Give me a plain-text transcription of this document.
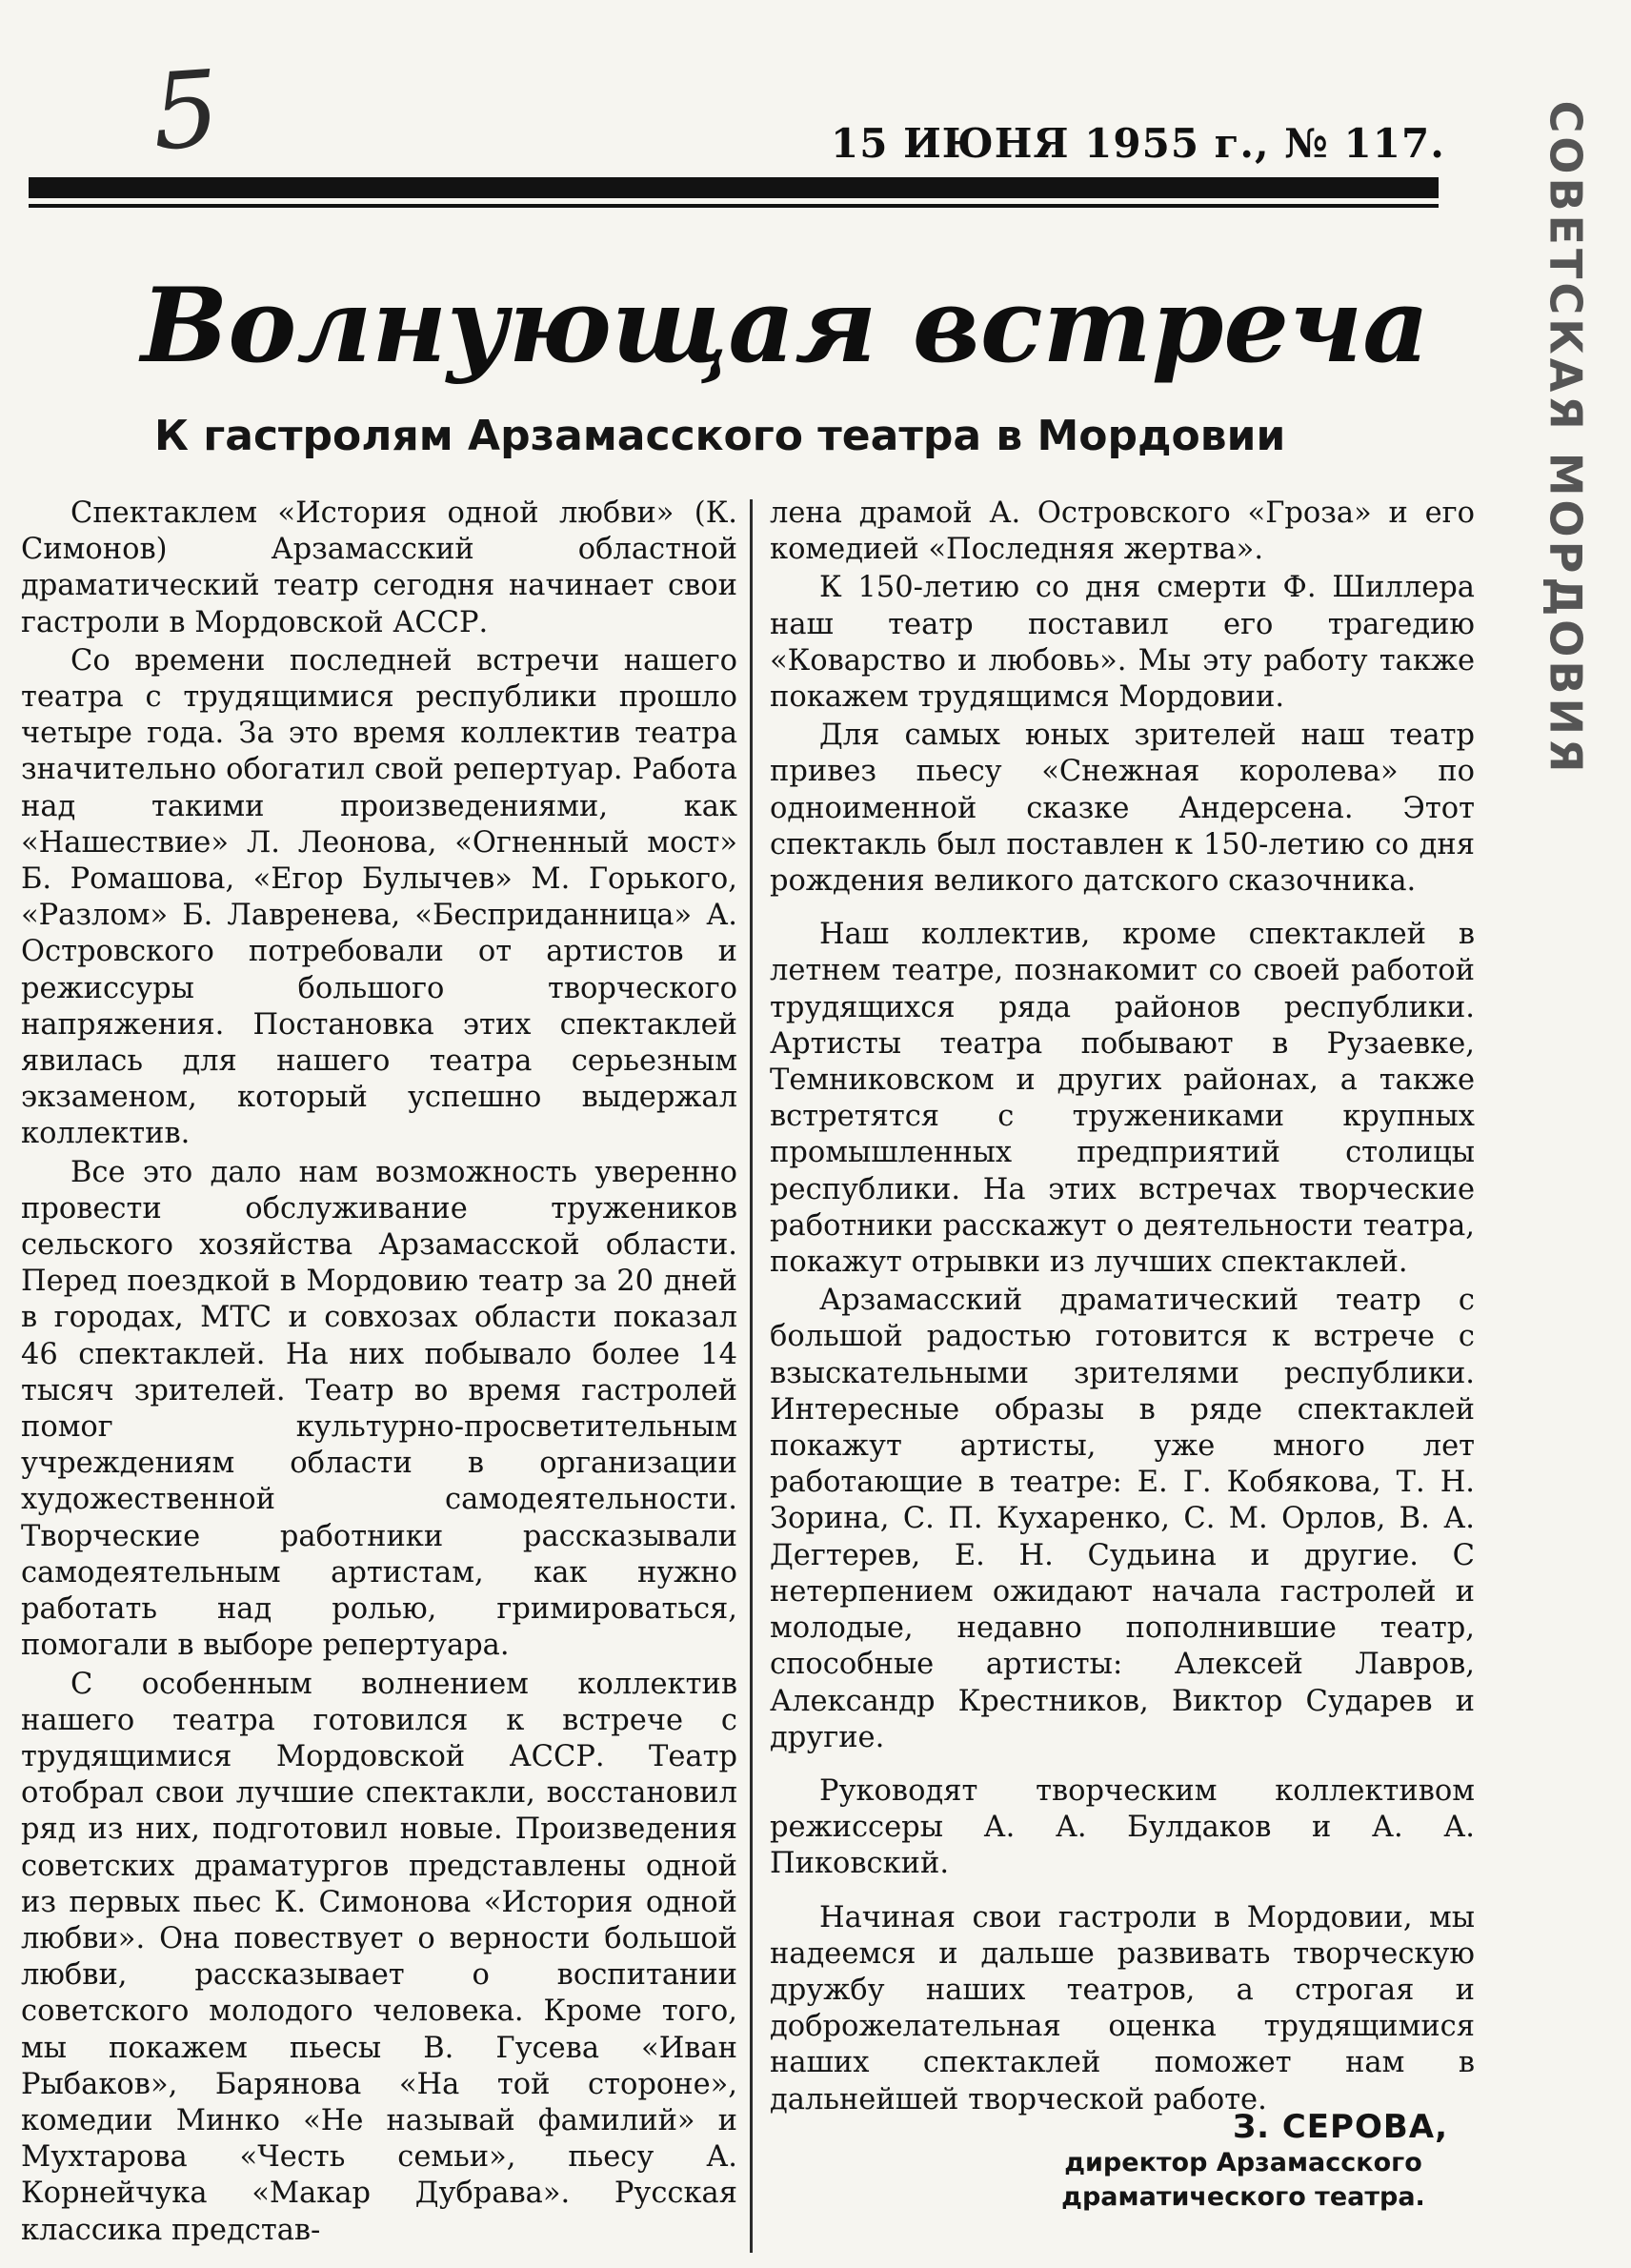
5	15 ИЮНЯ 1955 г., № 117. СОВЕТСКАЯ МОРДОВИЯ
Волнующая встреча
К гастролям Арзамасского театра в Мордовии

Спектаклем «История одной любви» (К. Симонов) Арзамасский областной драматический театр сегодня начинает свои гастроли в Мордовской АССР.

Со времени последней встречи нашего театра с трудящимися республики прошло четыре года. За это время коллектив театра значительно обогатил свой репертуар. Работа над такими произведениями, как «Нашествие» Л. Леонова, «Огненный мост» Б. Ромашова, «Егор Булычев» М. Горького, «Разлом» Б. Лавренева, «Бесприданница» А. Островского потребовали от артистов и режиссуры большого творческого напряжения. Постановка этих спектаклей явилась для нашего театра серьезным экзаменом, который успешно выдержал коллектив.

Все это дало нам возможность уверенно провести обслуживание тружеников сельского хозяйства Арзамасской области. Перед поездкой в Мордовию театр за 20 дней в городах, МТС и совхозах области показал 46 спектаклей. На них побывало более 14 тысяч зрителей. Театр во время гастролей помог культурно-просветительным учреждениям области в организации художественной самодеятельности. Творческие работники рассказывали самодеятельным артистам, как нужно работать над ролью, гримироваться, помогали в выборе репертуара.

С особенным волнением коллектив нашего театра готовился к встрече с трудящимися Мордовской АССР. Театр отобрал свои лучшие спектакли, восстановил ряд из них, подготовил новые. Произведения советских драматургов представлены одной из первых пьес К. Симонова «История одной любви». Она повествует о верности большой любви, рассказывает о воспитании советского молодого человека. Кроме того, мы покажем пьесы В. Гусева «Иван Рыбаков», Барянова «На той стороне», комедии Минко «Не называй фамилий» и Мухтарова «Честь семьи», пьесу А. Корнейчука «Макар Дубрава». Русская классика представ-

лена драмой А. Островского «Гроза» и его комедией «Последняя жертва».

К 150-летию со дня смерти Ф. Шиллера наш театр поставил его трагедию «Коварство и любовь». Мы эту работу также покажем трудящимся Мордовии.

Для самых юных зрителей наш театр привез пьесу «Снежная королева» по одноименной сказке Андерсена. Этот спектакль был поставлен к 150-летию со дня рождения великого датского сказочника.

Наш коллектив, кроме спектаклей в летнем театре, познакомит со своей работой трудящихся ряда районов республики. Артисты театра побывают в Рузаевке, Темниковском и других районах, а также встретятся с тружениками крупных промышленных предприятий столицы республики. На этих встречах творческие работники расскажут о деятельности театра, покажут отрывки из лучших спектаклей.

Арзамасский драматический театр с большой радостью готовится к встрече с взыскательными зрителями республики. Интересные образы в ряде спектаклей покажут артисты, уже много лет работающие в театре: Е. Г. Кобякова, Т. Н. Зорина, С. П. Кухаренко, С. М. Орлов, В. А. Дегтерев, Е. Н. Судьина и другие. С нетерпением ожидают начала гастролей и молодые, недавно пополнившие театр, способные артисты: Алексей Лавров, Александр Крестников, Виктор Сударев и другие.

Руководят творческим коллективом режиссеры А. А. Булдаков и А. А. Пиковский.

Начиная свои гастроли в Мордовии, мы надеемся и дальше развивать творческую дружбу наших театров, а строгая и доброжелательная оценка трудящимися наших спектаклей поможет нам в дальнейшей творческой работе.

З. СЕРОВА,
директор Арзамасского
драматического театра.
